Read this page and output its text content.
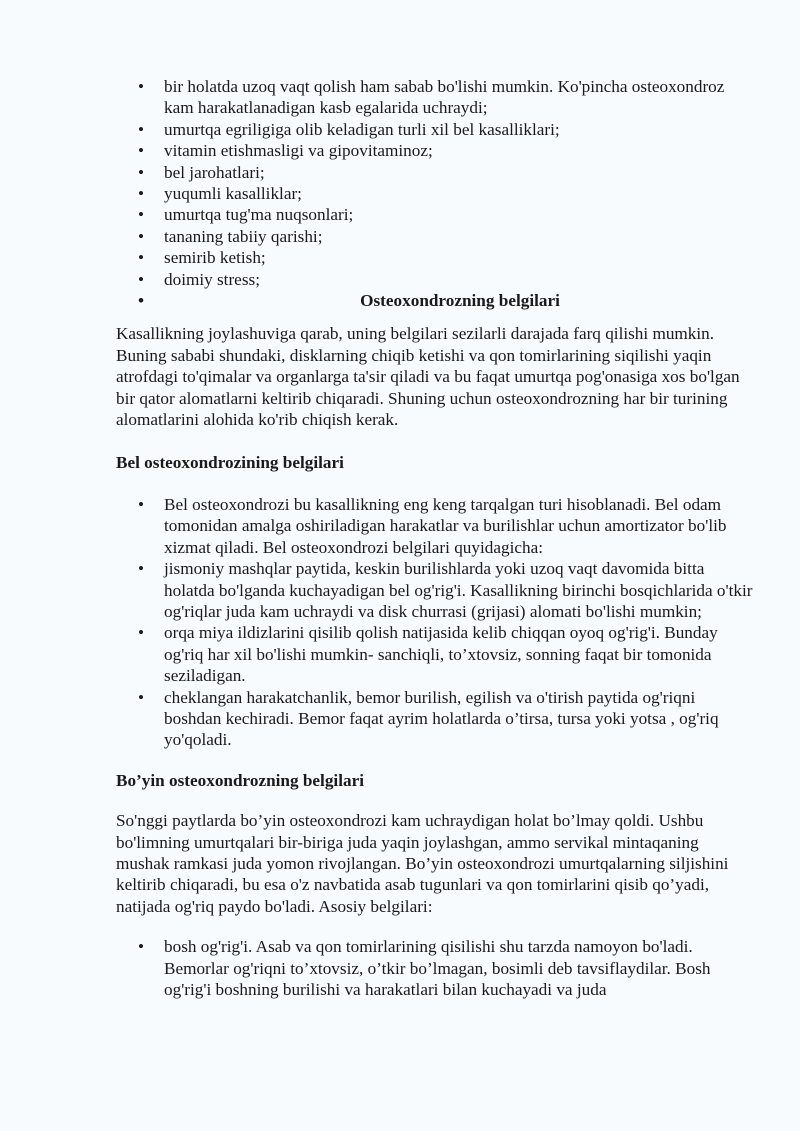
• bir holatda uzoq vaqt qolish ham sabab bo'lishi mumkin. Ko'pincha osteoxondroz kam harakatlanadigan kasb egalarida uchraydi;
• umurtqa egriligiga olib keladigan turli xil bel kasalliklari;
• vitamin etishmasligi va gipovitaminoz;
• bel jarohatlari;
• yuqumli kasalliklar;
• umurtqa tug'ma nuqsonlari;
• tananing tabiiy qarishi;
• semirib ketish;
• doimiy stress;
• Osteoxondrozning belgilari

Kasallikning joylashuviga qarab, uning belgilari sezilarli darajada farq qilishi mumkin. Buning sababi shundaki, disklarning chiqib ketishi va qon tomirlarining siqilishi yaqin atrofdagi to'qimalar va organlarga ta'sir qiladi va bu faqat umurtqa pog'onasiga xos bo'lgan bir qator alomatlarni keltirib chiqaradi. Shuning uchun osteoxondrozning har bir turining alomatlarini alohida ko'rib chiqish kerak.

Bel osteoxondrozining belgilari

• Bel osteoxondrozi bu kasallikning eng keng tarqalgan turi hisoblanadi. Bel odam tomonidan amalga oshiriladigan harakatlar va burilishlar uchun amortizator bo'lib xizmat qiladi. Bel osteoxondrozi belgilari quyidagicha:
• jismoniy mashqlar paytida, keskin burilishlarda yoki uzoq vaqt davomida bitta holatda bo'lganda kuchayadigan bel og'rig'i. Kasallikning birinchi bosqichlarida o'tkir og'riqlar juda kam uchraydi va disk churrasi (grijasi) alomati bo'lishi mumkin;
• orqa miya ildizlarini qisilib qolish natijasida kelib chiqqan oyoq og'rig'i. Bunday og'riq har xil bo'lishi mumkin- sanchiqli, to’xtovsiz, sonning faqat bir tomonida seziladigan.
• cheklangan harakatchanlik, bemor burilish, egilish va o'tirish paytida og'riqni boshdan kechiradi. Bemor faqat ayrim holatlarda o’tirsa, tursa yoki yotsa , og'riq yo'qoladi.

Bo’yin osteoxondrozning belgilari

So'nggi paytlarda bo’yin osteoxondrozi kam uchraydigan holat bo’lmay qoldi. Ushbu bo'limning umurtqalari bir-biriga juda yaqin joylashgan, ammo servikal mintaqaning mushak ramkasi juda yomon rivojlangan. Bo’yin osteoxondrozi umurtqalarning siljishini keltirib chiqaradi, bu esa o'z navbatida asab tugunlari va qon tomirlarini qisib qo’yadi, natijada og'riq paydo bo'ladi. Asosiy belgilari:

• bosh og'rig'i. Asab va qon tomirlarining qisilishi shu tarzda namoyon bo'ladi. Bemorlar og'riqni to’xtovsiz, o’tkir bo’lmagan, bosimli deb tavsiflaydilar. Bosh og'rig'i boshning burilishi va harakatlari bilan kuchayadi va juda
